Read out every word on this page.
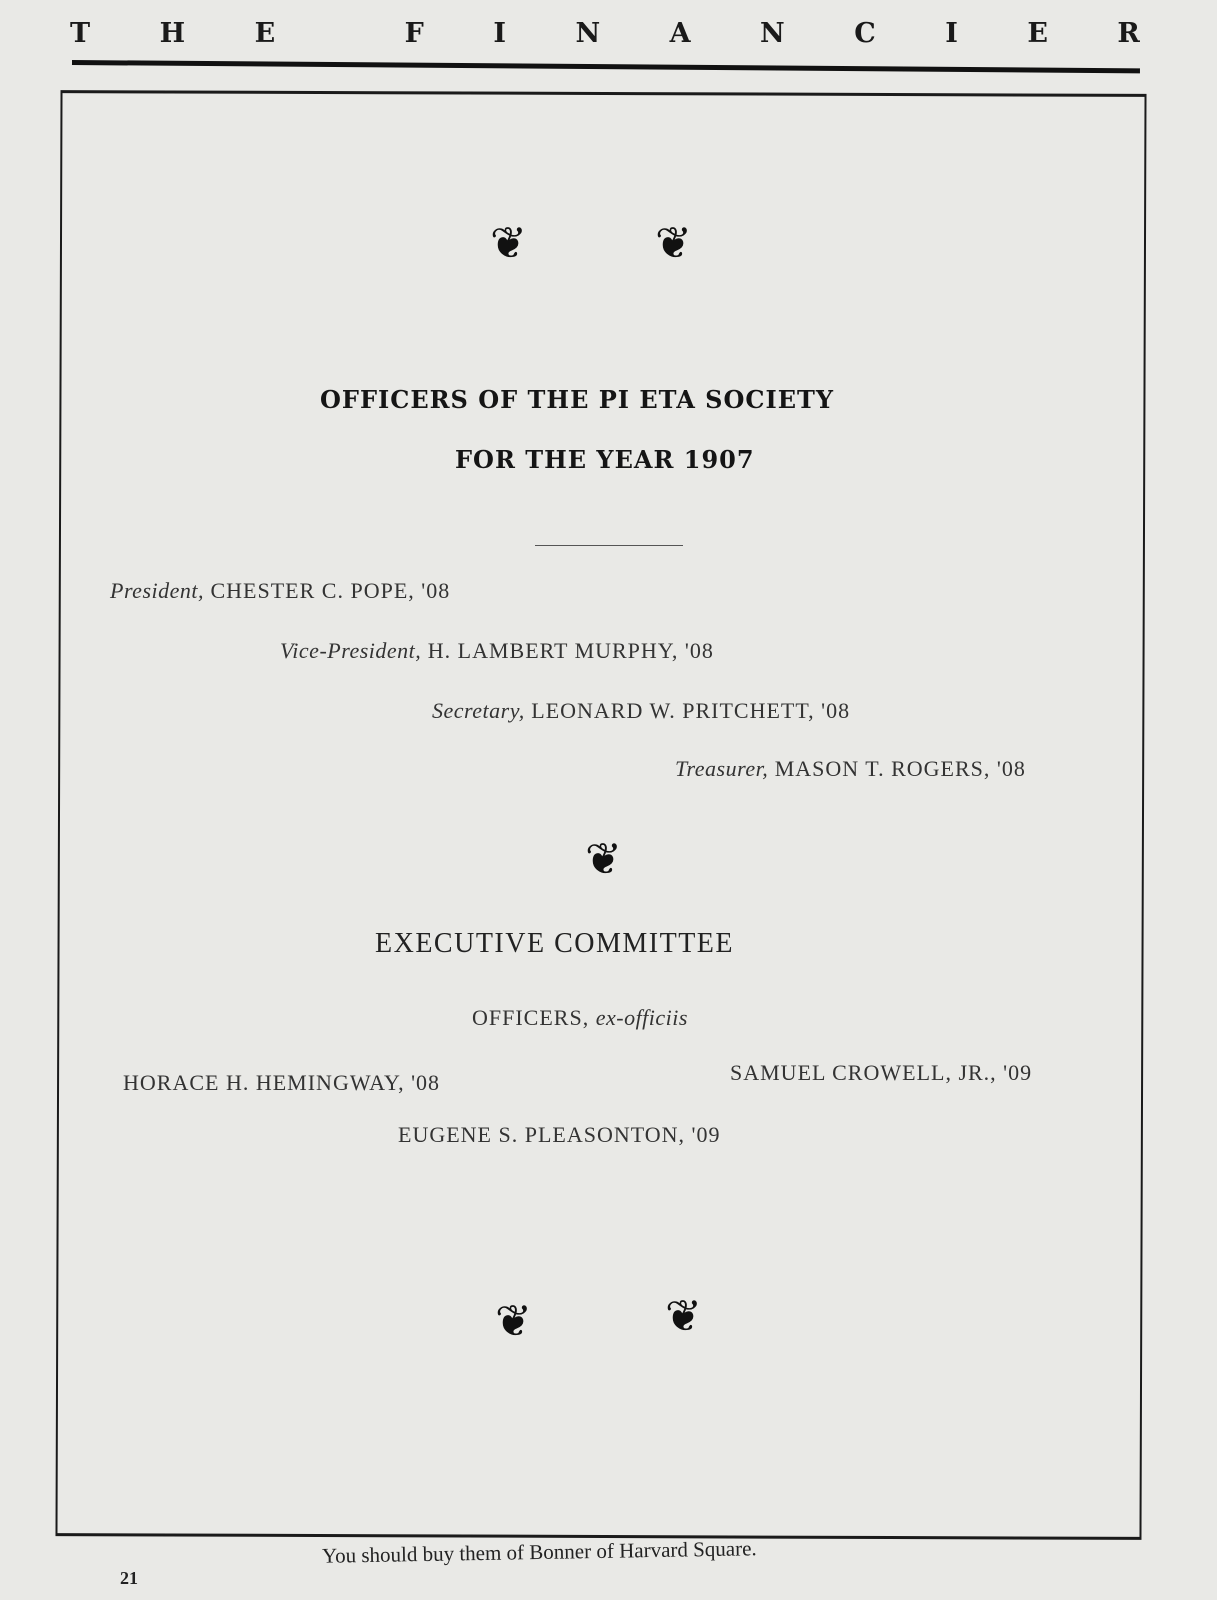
T	H	E	F	I	N	A	N	C	I	E	R
❦	❦
OFFICERS OF THE PI ETA SOCIETY
FOR THE YEAR 1907
President, CHESTER C. POPE, '08
Vice-President, H. LAMBERT MURPHY, '08
Secretary, LEONARD W. PRITCHETT, '08
Treasurer, MASON T. ROGERS, '08
❦
EXECUTIVE COMMITTEE
OFFICERS, ex-officiis
HORACE H. HEMINGWAY, '08	SAMUEL CROWELL, JR., '09
EUGENE S. PLEASONTON, '09
❦	❦
21
You should buy them of Bonner of Harvard Square.
